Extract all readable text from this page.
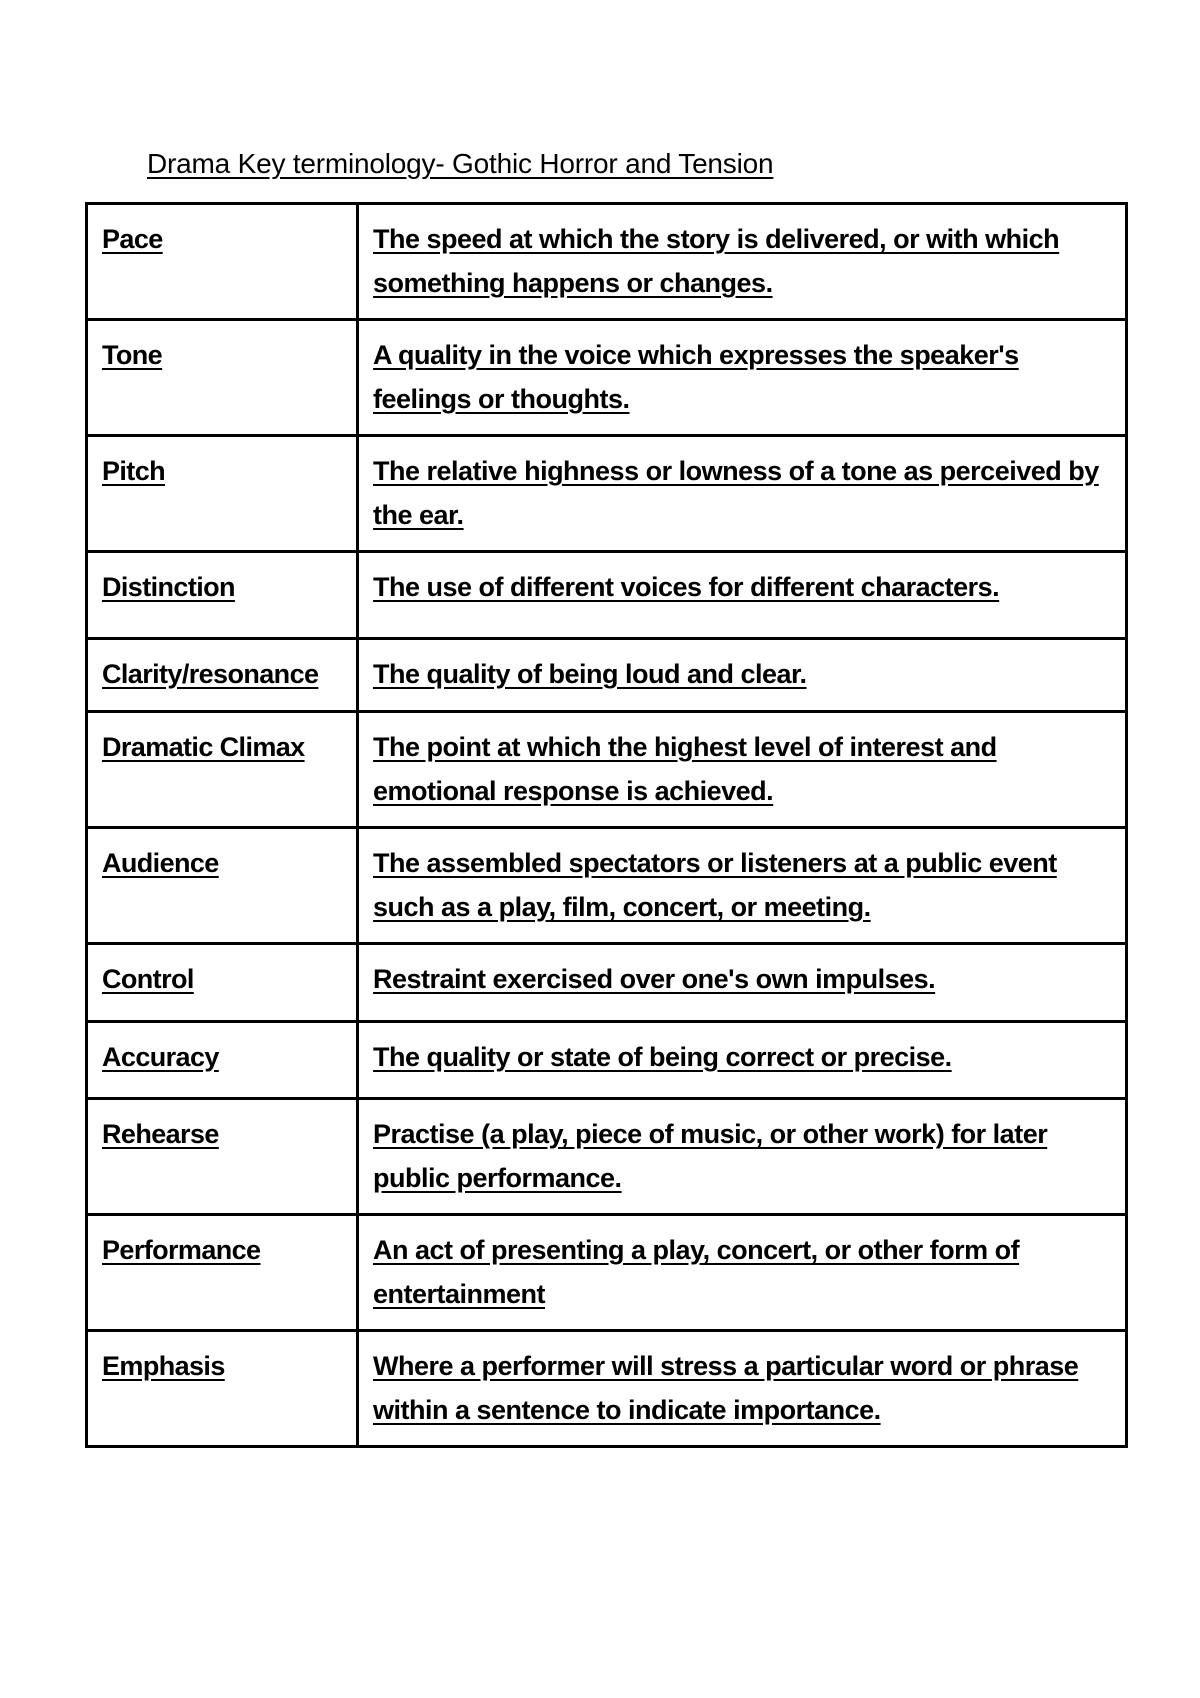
Drama Key terminology- Gothic Horror and Tension
Pace	The speed at which the story is delivered, or with which something happens or changes.
Tone	A quality in the voice which expresses the speaker's feelings or thoughts.
Pitch	The relative highness or lowness of a tone as perceived by the ear.
Distinction	The use of different voices for different characters.
Clarity/resonance	The quality of being loud and clear.
Dramatic Climax	The point at which the highest level of interest and emotional response is achieved.
Audience	The assembled spectators or listeners at a public event such as a play, film, concert, or meeting.
Control	Restraint exercised over one's own impulses.
Accuracy	The quality or state of being correct or precise.
Rehearse	Practise (a play, piece of music, or other work) for later public performance.
Performance	An act of presenting a play, concert, or other form of entertainment
Emphasis	Where a performer will stress a particular word or phrase within a sentence to indicate importance.
